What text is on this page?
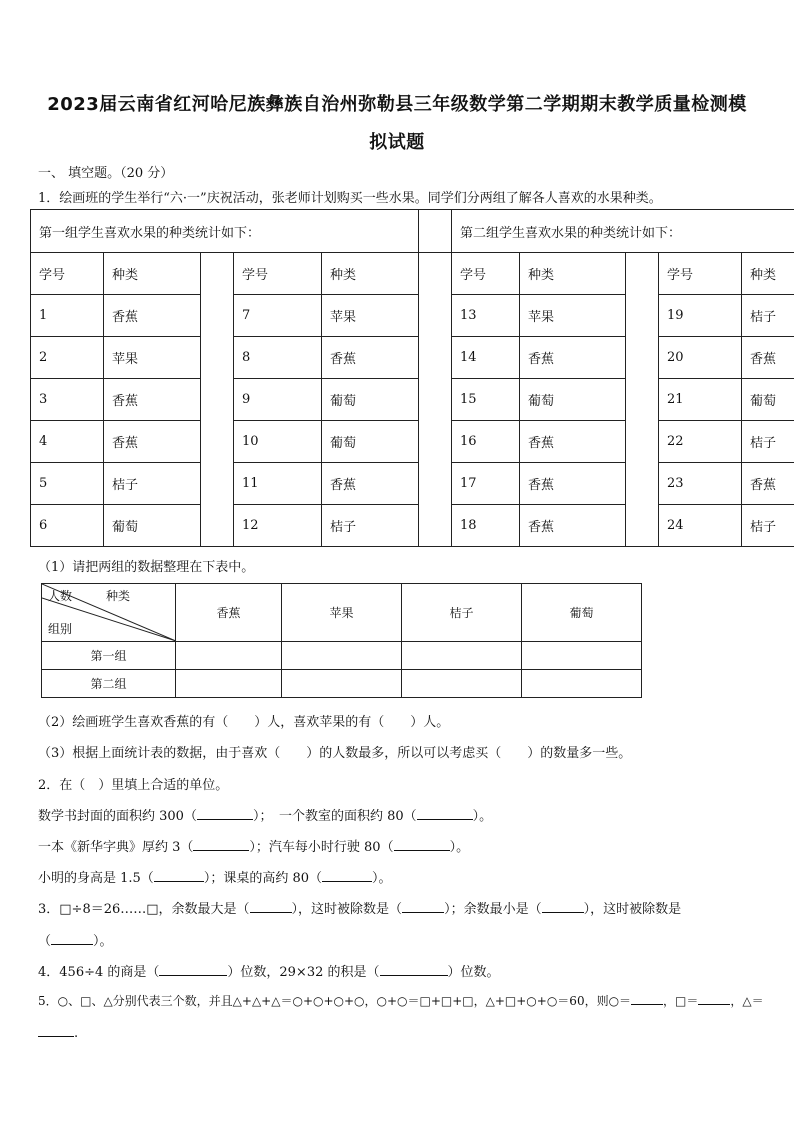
2023届云南省红河哈尼族彝族自治州弥勒县三年级数学第二学期期末教学质量检测模
拟试题
一、 填空题。（20 分）
1．绘画班的学生举行“六·一”庆祝活动，张老师计划购买一些水果。同学们分两组了解各人喜欢的水果种类。
第一组学生喜欢水果的种类统计如下：						第二组学生喜欢水果的种类统计如下：				
学号	种类		学号	种类		学号	种类		学号	种类
1	香蕉		7	苹果		13	苹果		19	桔子
2	苹果		8	香蕉		14	香蕉		20	香蕉
3	香蕉		9	葡萄		15	葡萄		21	葡萄
4	香蕉		10	葡萄		16	香蕉		22	桔子
5	桔子		11	香蕉		17	香蕉		23	香蕉
6	葡萄		12	桔子		18	香蕉		24	桔子
（1）请把两组的数据整理在下表中。
人数 种类
组别	香蕉	苹果	桔子	葡萄
第一组				
第二组				
（2）绘画班学生喜欢香蕉的有（　　）人，喜欢苹果的有（　　）人。
（3）根据上面统计表的数据，由于喜欢（　　）的人数最多，所以可以考虑买（　　）的数量多一些。
2．在（　）里填上合适的单位。
数学书封面的面积约 300（	）；　一个教室的面积约 80（	）。
一本《新华字典》厚约 3（	）；汽车每小时行驶 80（	）。
小明的身高是 1.5（	）；课桌的高约 80（	）。
3．□÷8＝26……□，余数最大是（	），这时被除数是（	）；余数最小是（	），这时被除数是
（	）。
4．456÷4 的商是（	）位数，29×32 的积是（	）位数。
5．○、□、△分别代表三个数，并且△+△+△＝○+○+○+○，○+○＝□+□+□，△+□+○+○＝60，则○＝	，□＝	，△＝
.
